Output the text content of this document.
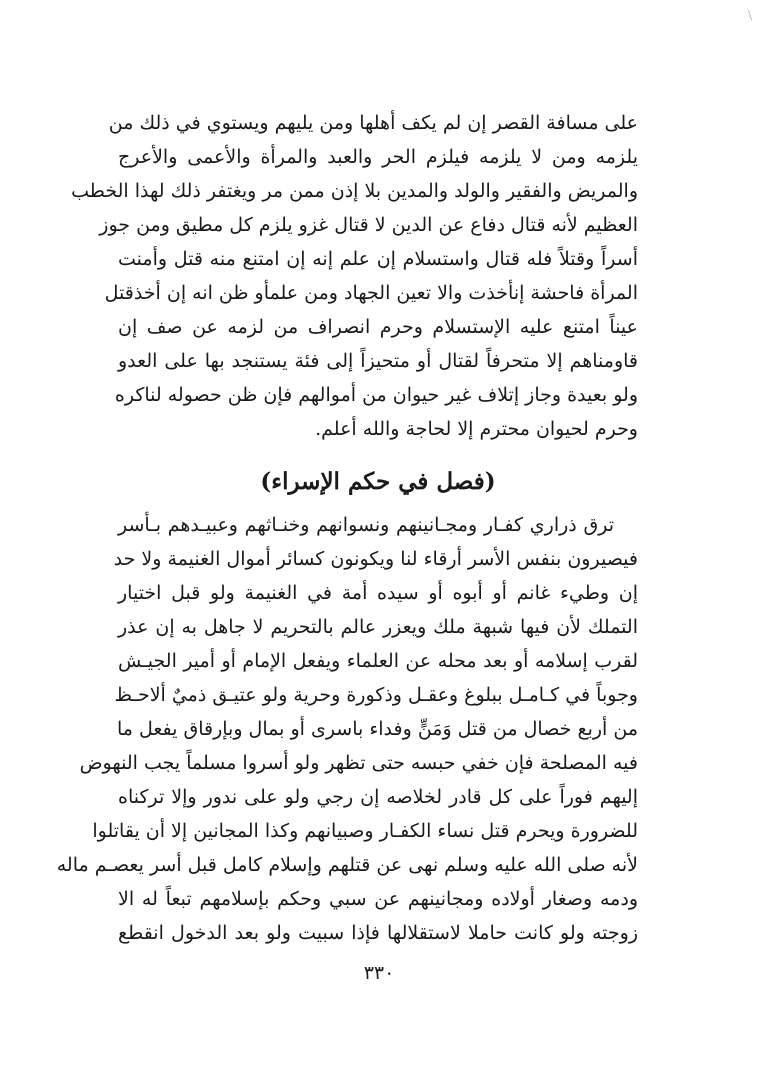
\
على مسافة القصر إن لم يكف أهلها ومن يليهم ويستوي في ذلك من
يلزمه ومن لا يلزمه فيلزم الحر والعبد والمرأة والأعمى والأعرج
والمريض والفقير والولد والمدين بلا إذن ممن مر ويغتفر ذلك لهذا الخطب
العظيم لأنه قتال دفاع عن الدين لا قتال غزو يلزم كل مطيق ومن جوز
أسراً وقتلاً فله قتال واستسلام إن علم إنه إن امتنع منه قتل وأمنت
المرأة فاحشة إنأخذت والا تعين الجهاد ومن علمأو ظن انه إن أخذقتل
عيناً امتنع عليه الإستسلام وحرم انصراف من لزمه عن صف إن
قاومناهم إلا متحرفاً لقتال أو متحيزاً إلى فئة يستنجد بها على العدو
ولو بعيدة وجاز إتلاف غير حيوان من أموالهم فإن ظن حصوله لناكره
وحرم لحيوان محترم إلا لحاجة والله أعلم.
(فصل في حكم الإسراء)
ترق ذراري كفـار ومجـانينهم ونسوانهم وخنـاثهم وعبيـدهم بـأسر
فيصيرون بنفس الأسر أرقاء لنا ويكونون كسائر أموال الغنيمة ولا حد
إن وطيء غانم أو أبوه أو سيده أمة في الغنيمة ولو قبل اختيار
التملك لأن فيها شبهة ملك ويعزر عالم بالتحريم لا جاهل به إن عذر
لقرب إسلامه أو بعد محله عن العلماء ويفعل الإمام أو أمير الجيـش
وجوباً في كـامـل ببلوغ وعقـل وذكورة وحرية ولو عتيـق ذميٌ ألاحـظ
من أربع خصال من قتل وَمَنٍّ وفداء باسرى أو بمال وبإرقاق يفعل ما
فيه المصلحة فإن خفي حبسه حتى تظهر ولو أسروا مسلماً يجب النهوض
إليهم فوراً على كل قادر لخلاصه إن رجي ولو على ندور وإلا تركناه
للضرورة ويحرم قتل نساء الكفـار وصبيانهم وكذا المجانين إلا أن يقاتلوا
لأنه صلى الله عليه وسلم نهى عن قتلهم وإسلام كامل قبل أسر يعصـم ماله
ودمه وصغار أولاده ومجانينهم عن سبي وحكم بإسلامهم تبعاً له الا
زوجته ولو كانت حاملا لاستقلالها فإذا سبيت ولو بعد الدخول انقطع
٣٣٠
